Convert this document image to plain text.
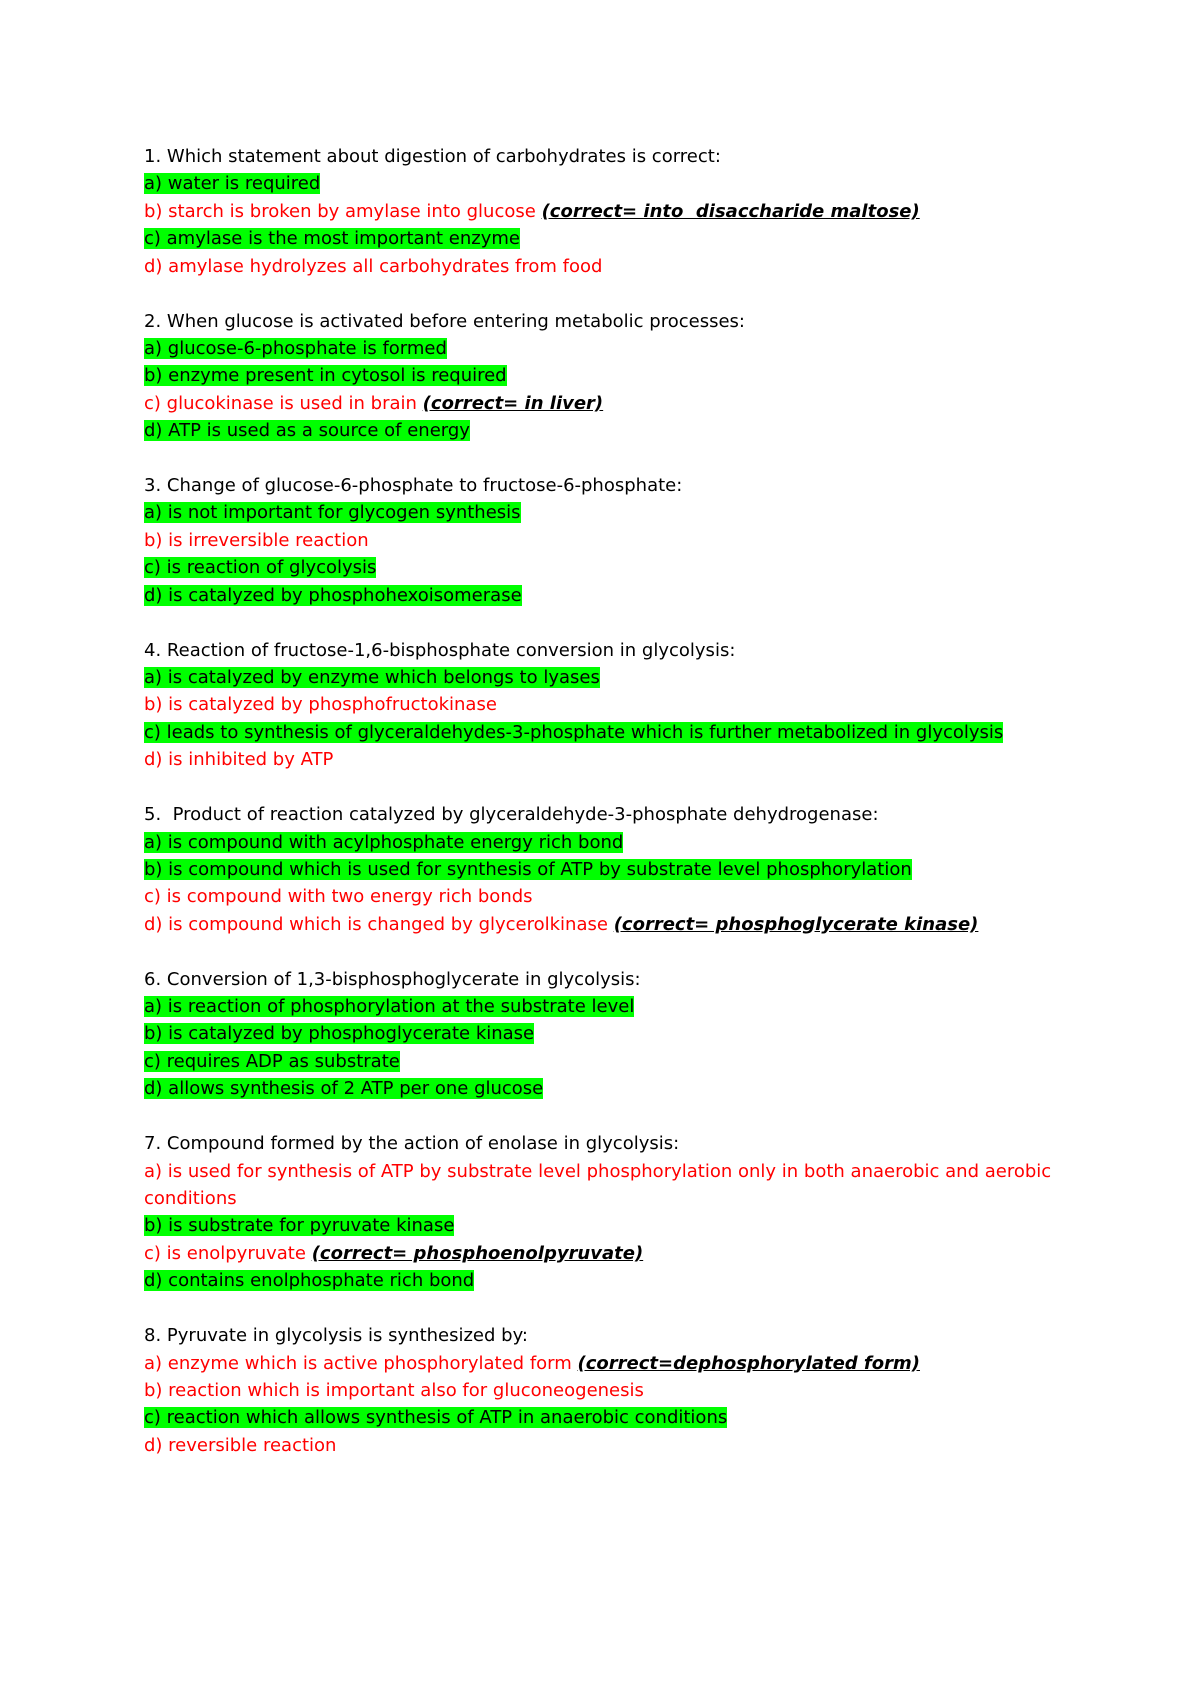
1. Which statement about digestion of carbohydrates is correct:
a) water is required
b) starch is broken by amylase into glucose (correct= into  disaccharide maltose)
c) amylase is the most important enzyme
d) amylase hydrolyzes all carbohydrates from food
2. When glucose is activated before entering metabolic processes:
a) glucose-6-phosphate is formed
b) enzyme present in cytosol is required
c) glucokinase is used in brain (correct= in liver)
d) ATP is used as a source of energy
3. Change of glucose-6-phosphate to fructose-6-phosphate:
a) is not important for glycogen synthesis
b) is irreversible reaction
c) is reaction of glycolysis
d) is catalyzed by phosphohexoisomerase
4. Reaction of fructose-1,6-bisphosphate conversion in glycolysis:
a) is catalyzed by enzyme which belongs to lyases
b) is catalyzed by phosphofructokinase
c) leads to synthesis of glyceraldehydes-3-phosphate which is further metabolized in glycolysis
d) is inhibited by ATP
5.  Product of reaction catalyzed by glyceraldehyde-3-phosphate dehydrogenase:
a) is compound with acylphosphate energy rich bond
b) is compound which is used for synthesis of ATP by substrate level phosphorylation
c) is compound with two energy rich bonds
d) is compound which is changed by glycerolkinase (correct= phosphoglycerate kinase)
6. Conversion of 1,3-bisphosphoglycerate in glycolysis:
a) is reaction of phosphorylation at the substrate level
b) is catalyzed by phosphoglycerate kinase
c) requires ADP as substrate
d) allows synthesis of 2 ATP per one glucose
7. Compound formed by the action of enolase in glycolysis:
a) is used for synthesis of ATP by substrate level phosphorylation only in both anaerobic and aerobic
conditions
b) is substrate for pyruvate kinase
c) is enolpyruvate (correct= phosphoenolpyruvate)
d) contains enolphosphate rich bond
8. Pyruvate in glycolysis is synthesized by:
a) enzyme which is active phosphorylated form (correct=dephosphorylated form)
b) reaction which is important also for gluconeogenesis
c) reaction which allows synthesis of ATP in anaerobic conditions
d) reversible reaction
